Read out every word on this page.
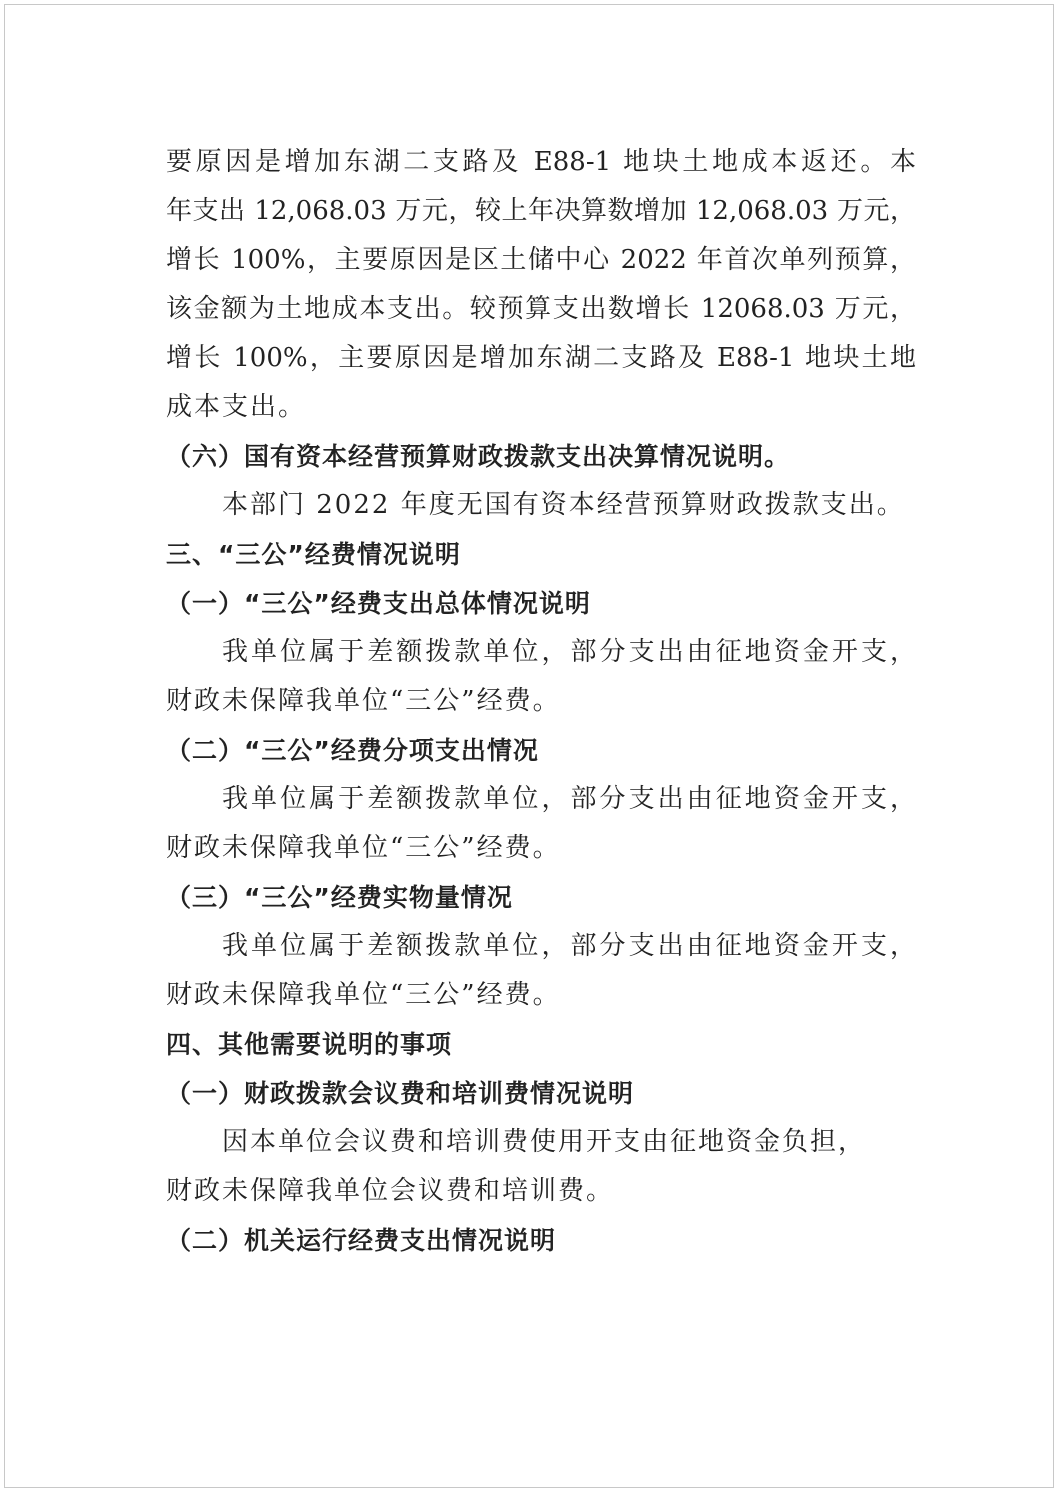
要原因是增加东湖二支路及 E88-1 地块土地成本返还。本
年支出 12,068.03 万元，较上年决算数增加 12,068.03 万元，
增长 100%，主要原因是区土储中心 2022 年首次单列预算，
该金额为土地成本支出。较预算支出数增长 12068.03 万元，
增长 100%，主要原因是增加东湖二支路及 E88-1 地块土地
成本支出。
（六）国有资本经营预算财政拨款支出决算情况说明。
本部门 2022 年度无国有资本经营预算财政拨款支出。
三、“三公”经费情况说明
（一）“三公”经费支出总体情况说明
我单位属于差额拨款单位，部分支出由征地资金开支，
财政未保障我单位“三公”经费。
（二）“三公”经费分项支出情况
我单位属于差额拨款单位，部分支出由征地资金开支，
财政未保障我单位“三公”经费。
（三）“三公”经费实物量情况
我单位属于差额拨款单位，部分支出由征地资金开支，
财政未保障我单位“三公”经费。
四、其他需要说明的事项
（一）财政拨款会议费和培训费情况说明
因本单位会议费和培训费使用开支由征地资金负担，
财政未保障我单位会议费和培训费。
（二）机关运行经费支出情况说明
